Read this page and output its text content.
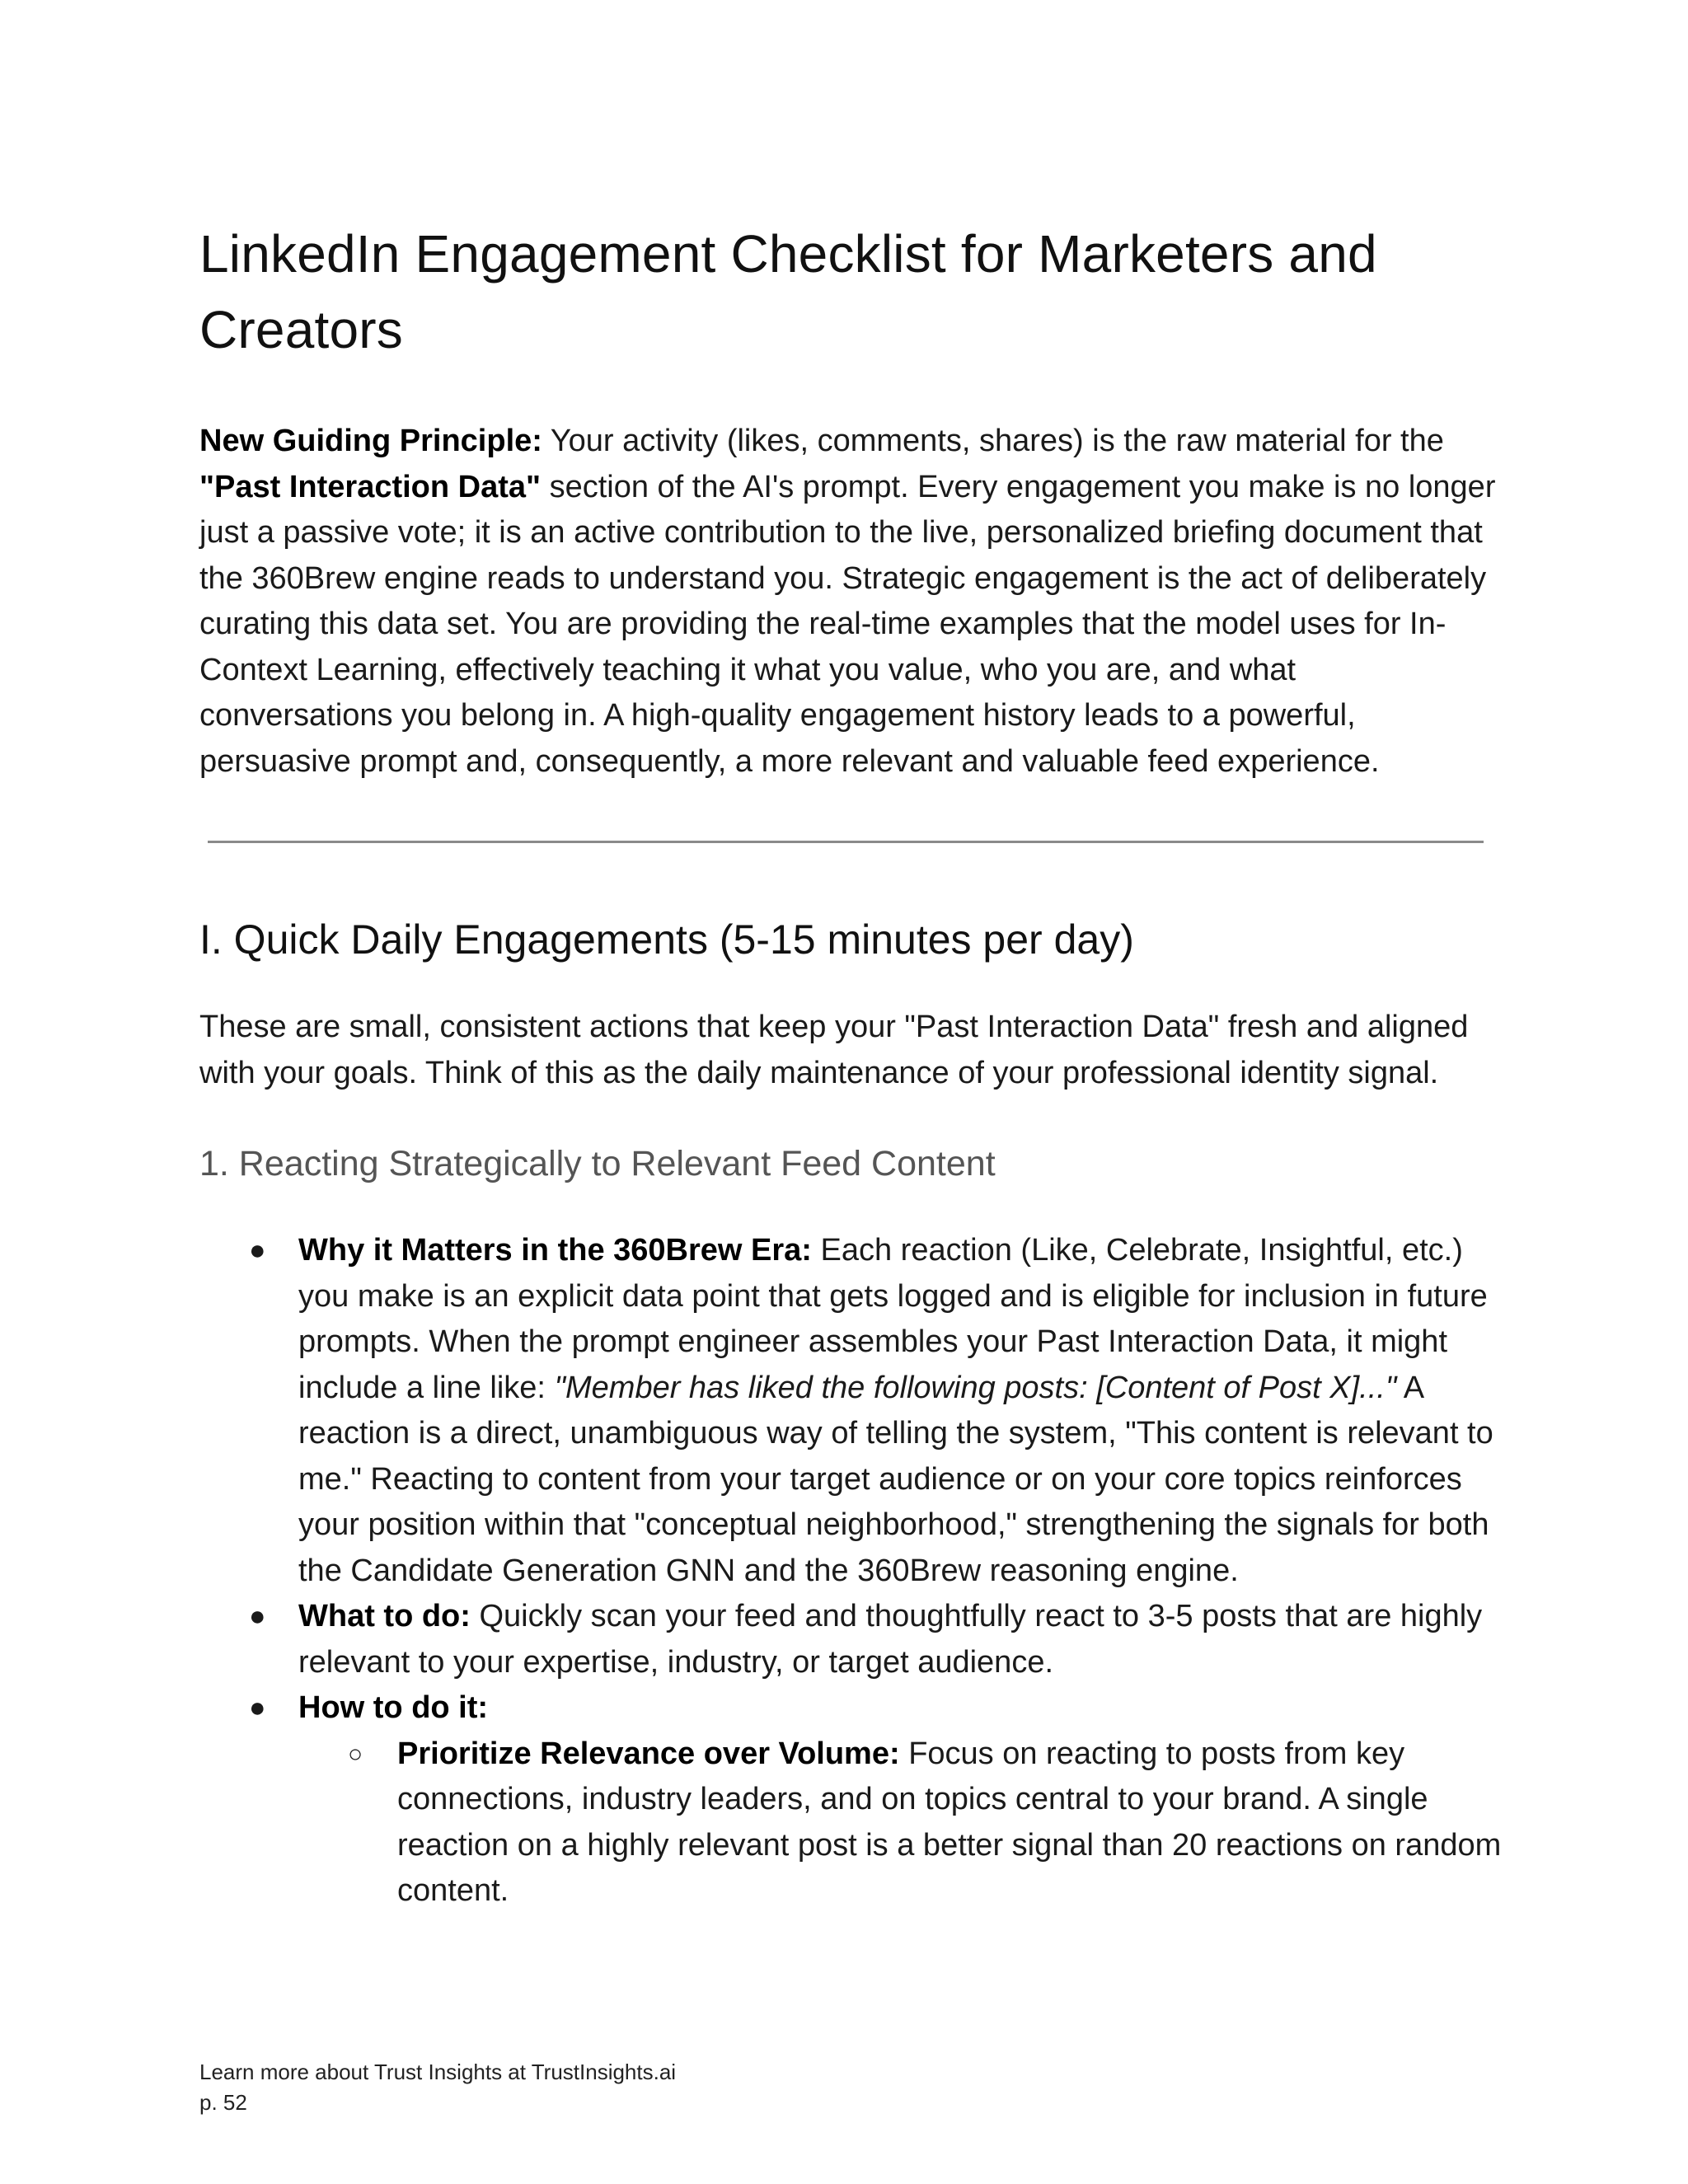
LinkedIn Engagement Checklist for Marketers and Creators

New Guiding Principle: Your activity (likes, comments, shares) is the raw material for the "Past Interaction Data" section of the AI's prompt. Every engagement you make is no longer just a passive vote; it is an active contribution to the live, personalized briefing document that the 360Brew engine reads to understand you. Strategic engagement is the act of deliberately curating this data set. You are providing the real-time examples that the model uses for In-Context Learning, effectively teaching it what you value, who you are, and what conversations you belong in. A high-quality engagement history leads to a powerful, persuasive prompt and, consequently, a more relevant and valuable feed experience.

I. Quick Daily Engagements (5-15 minutes per day)

These are small, consistent actions that keep your "Past Interaction Data" fresh and aligned with your goals. Think of this as the daily maintenance of your professional identity signal.

1. Reacting Strategically to Relevant Feed Content
● Why it Matters in the 360Brew Era: Each reaction (Like, Celebrate, Insightful, etc.) you make is an explicit data point that gets logged and is eligible for inclusion in future prompts. When the prompt engineer assembles your Past Interaction Data, it might include a line like: "Member has liked the following posts: [Content of Post X]..." A reaction is a direct, unambiguous way of telling the system, "This content is relevant to me." Reacting to content from your target audience or on your core topics reinforces your position within that "conceptual neighborhood," strengthening the signals for both the Candidate Generation GNN and the 360Brew reasoning engine.
● What to do: Quickly scan your feed and thoughtfully react to 3-5 posts that are highly relevant to your expertise, industry, or target audience.
● How to do it:
○ Prioritize Relevance over Volume: Focus on reacting to posts from key connections, industry leaders, and on topics central to your brand. A single reaction on a highly relevant post is a better signal than 20 reactions on random content.
Learn more about Trust Insights at TrustInsights.ai
p. 52
